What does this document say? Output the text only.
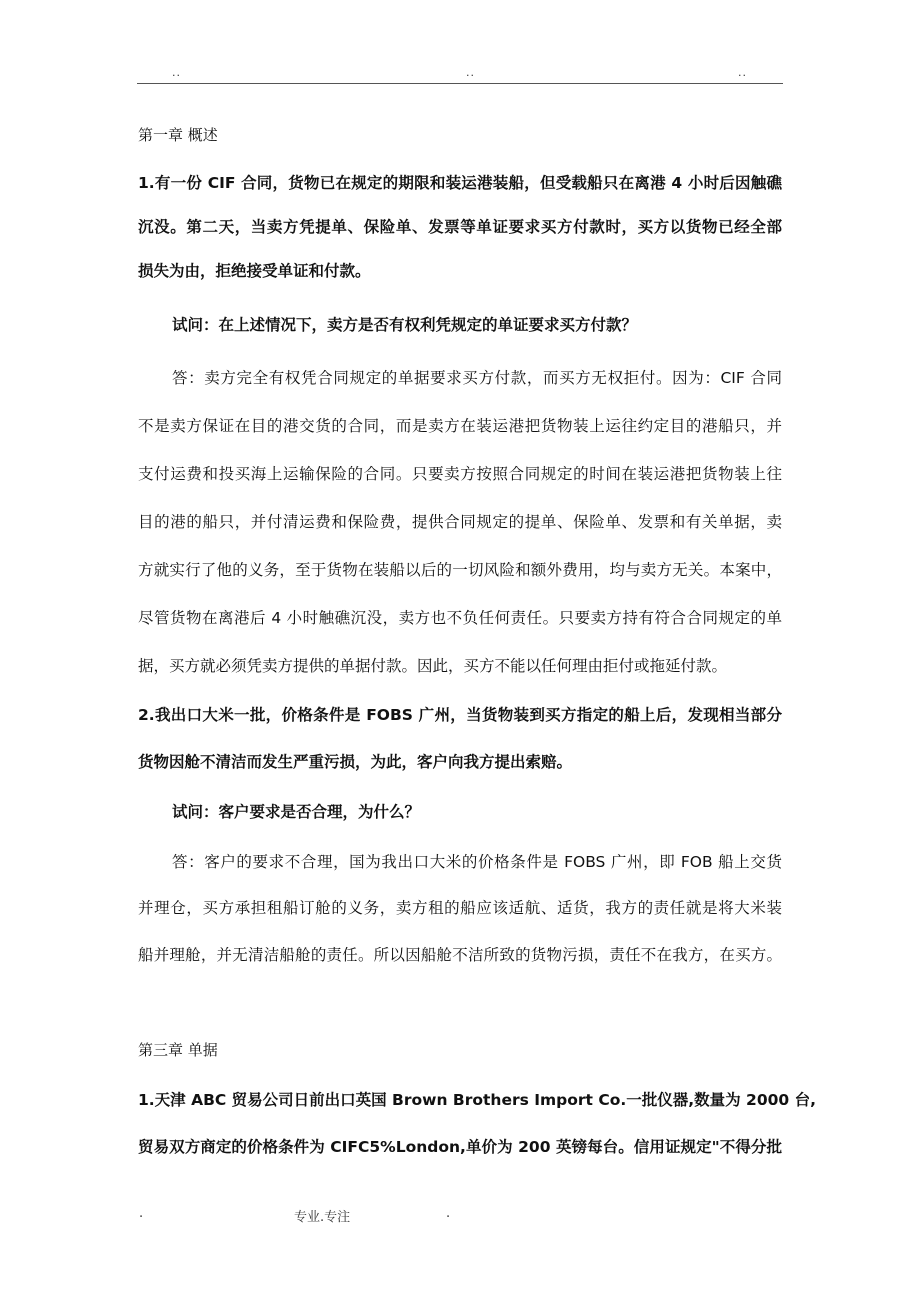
..	..	..
第一章 概述
1.有一份 CIF 合同，货物已在规定的期限和装运港装船，但受载船只在离港 4 小时后因触礁
沉没。第二天，当卖方凭提单、保险单、发票等单证要求买方付款时，买方以货物已经全部
损失为由，拒绝接受单证和付款。
试问：在上述情况下，卖方是否有权利凭规定的单证要求买方付款？
答：卖方完全有权凭合同规定的单据要求买方付款，而买方无权拒付。因为：CIF 合同
不是卖方保证在目的港交货的合同，而是卖方在装运港把货物装上运往约定目的港船只，并
支付运费和投买海上运输保险的合同。只要卖方按照合同规定的时间在装运港把货物装上往
目的港的船只，并付清运费和保险费，提供合同规定的提单、保险单、发票和有关单据，卖
方就实行了他的义务，至于货物在装船以后的一切风险和额外费用，均与卖方无关。本案中，
尽管货物在离港后 4 小时触礁沉没，卖方也不负任何责任。只要卖方持有符合合同规定的单
据，买方就必须凭卖方提供的单据付款。因此，买方不能以任何理由拒付或拖延付款。
2.我出口大米一批，价格条件是 FOBS 广州，当货物装到买方指定的船上后，发现相当部分
货物因舱不清洁而发生严重污损，为此，客户向我方提出索赔。
试问：客户要求是否合理，为什么？
答：客户的要求不合理，国为我出口大米的价格条件是 FOBS 广州，即 FOB 船上交货
并理仓，买方承担租船订舱的义务，卖方租的船应该适航、适货，我方的责任就是将大米装
船并理舱，并无清洁船舱的责任。所以因船舱不洁所致的货物污损，责任不在我方，在买方。
第三章 单据
1.天津 ABC 贸易公司日前出口英国 Brown Brothers Import Co.一批仪器,数量为 2000 台,
贸易双方商定的价格条件为 CIFC5%London,单价为 200 英镑每台。信用证规定"不得分批
.	专业.专注	.
